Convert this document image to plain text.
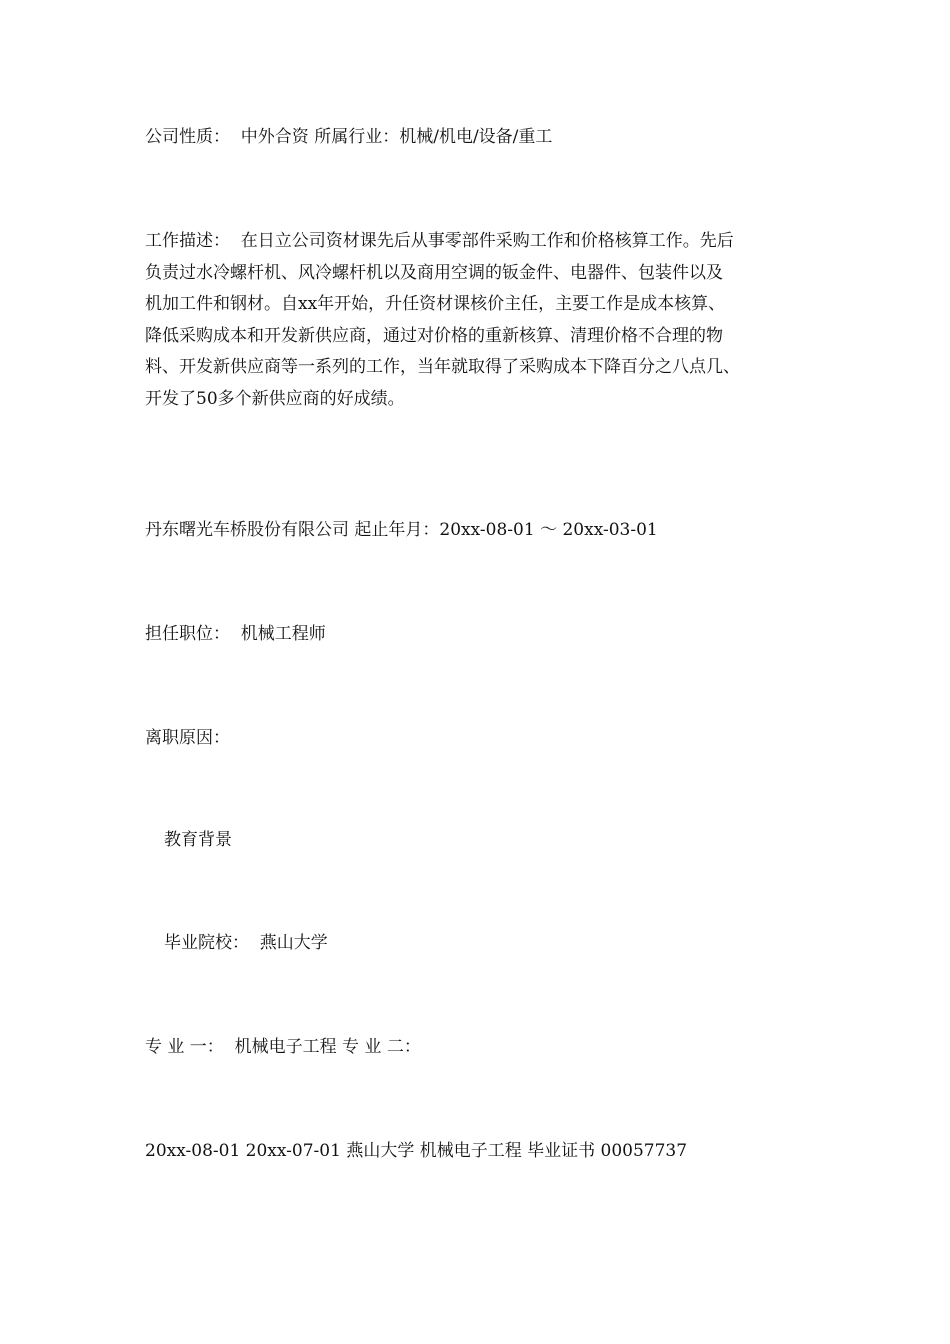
公司性质：  中外合资 所属行业：机械/机电/设备/重工

工作描述：  在日立公司资材课先后从事零部件采购工作和价格核算工作。先后
负责过水冷螺杆机、风冷螺杆机以及商用空调的钣金件、电器件、包装件以及
机加工件和钢材。自xx年开始，升任资材课核价主任，主要工作是成本核算、
降低采购成本和开发新供应商，通过对价格的重新核算、清理价格不合理的物
料、开发新供应商等一系列的工作，当年就取得了采购成本下降百分之八点几、
开发了50多个新供应商的好成绩。

丹东曙光车桥股份有限公司 起止年月：20xx-08-01 ～ 20xx-03-01

担任职位：  机械工程师

离职原因：

教育背景

毕业院校：  燕山大学

专 业 一：  机械电子工程 专 业 二：

20xx-08-01 20xx-07-01 燕山大学 机械电子工程 毕业证书 00057737
